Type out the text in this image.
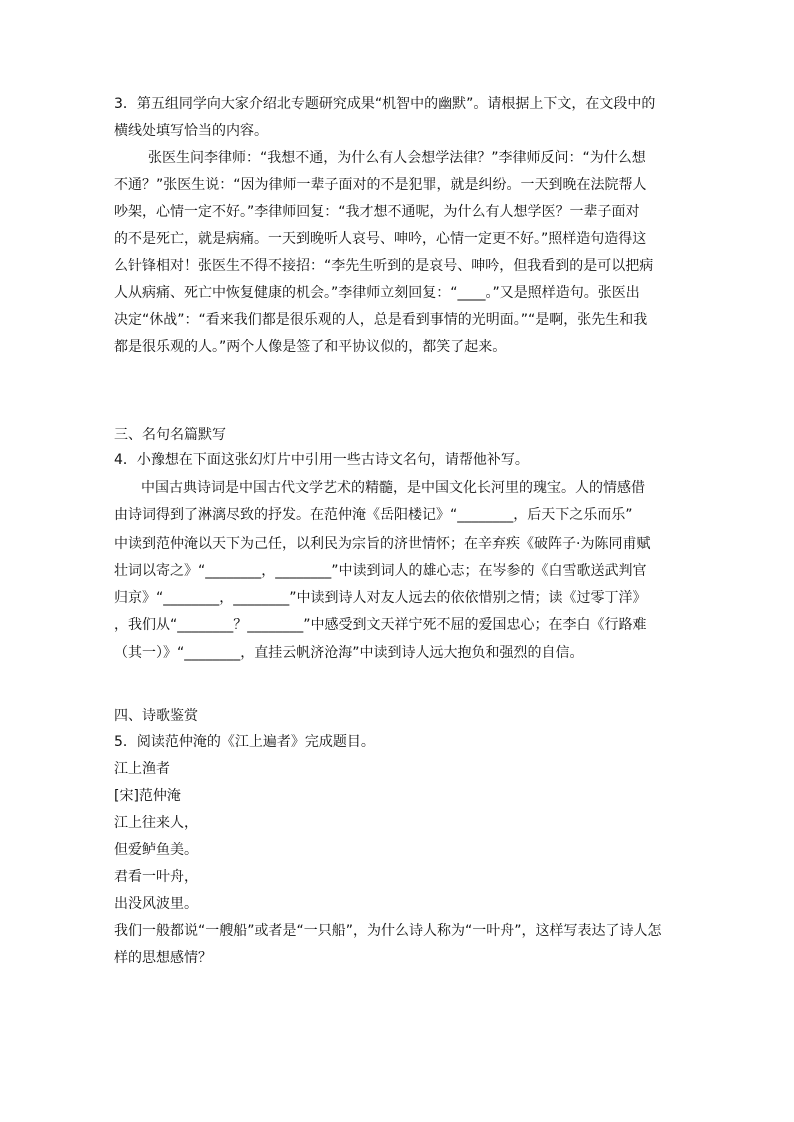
3．第五组同学向大家介绍北专题研究成果“机智中的幽默”。请根据上下文，在文段中的
横线处填写恰当的内容。
张医生问李律师：“我想不通，为什么有人会想学法律？”李律师反问：“为什么想
不通？”张医生说：“因为律师一辈子面对的不是犯罪，就是纠纷。一天到晚在法院帮人
吵架，心情一定不好。”李律师回复：“我才想不通呢，为什么有人想学医？一辈子面对
的不是死亡，就是病痛。一天到晚听人哀号、呻吟，心情一定更不好。”照样造句造得这
么针锋相对！张医生不得不接招：“李先生听到的是哀号、呻吟，但我看到的是可以把病
人从病痛、死亡中恢复健康的机会。”李律师立刻回复：“____。”又是照样造句。张医出
决定“休战”：“看来我们都是很乐观的人，总是看到事情的光明面。”“是啊，张先生和我
都是很乐观的人。”两个人像是签了和平协议似的，都笑了起来。
三、名句名篇默写
4．小豫想在下面这张幻灯片中引用一些古诗文名句，请帮他补写。
中国古典诗词是中国古代文学艺术的精髓，是中国文化长河里的瑰宝。人的情感借
由诗词得到了淋漓尽致的抒发。在范仲淹《岳阳楼记》“________，后天下之乐而乐”
中读到范仲淹以天下为己任，以利民为宗旨的济世情怀；在辛弃疾《破阵子·为陈同甫赋
壮词以寄之》“________，________”中读到词人的雄心志；在岑参的《白雪歌送武判官
归京》“________，________”中读到诗人对友人远去的依依惜别之情；读《过零丁洋》
，我们从“________？________”中感受到文天祥宁死不屈的爱国忠心；在李白《行路难
（其一）》“________，直挂云帆济沧海”中读到诗人远大抱负和强烈的自信。
四、诗歌鉴赏
5．阅读范仲淹的《江上遍者》完成题目。
江上渔者
[宋]范仲淹
江上往来人，
但爱鲈鱼美。
君看一叶舟，
出没风波里。
我们一般都说“一艘船”或者是“一只船”，为什么诗人称为“一叶舟”，这样写表达了诗人怎
样的思想感情？
